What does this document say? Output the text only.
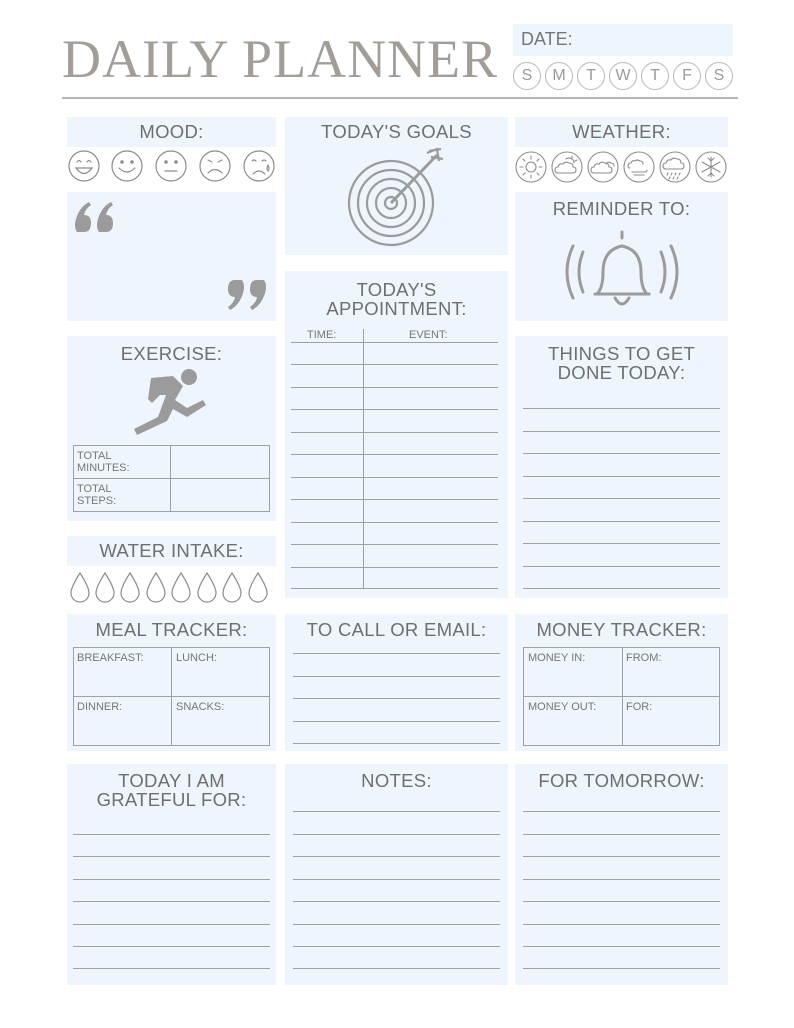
DAILY PLANNER DATE:
S	M	T	W	T	F	S
MOOD:	TODAY'S GOALS	WEATHER:
REMINDER TO:
TODAY'S
APPOINTMENT:
TIME:	EVENT:
EXERCISE:
TOTAL
MINUTES:
TOTAL
STEPS:
THINGS TO GET
DONE TODAY:
WATER INTAKE:
MEAL TRACKER:
BREAKFAST:	LUNCH:
DINNER:	SNACKS:
TO CALL OR EMAIL:	MONEY TRACKER:
MONEY IN:	FROM:
MONEY OUT:	FOR:
TODAY I AM
GRATEFUL FOR:
NOTES:	FOR TOMORROW:
